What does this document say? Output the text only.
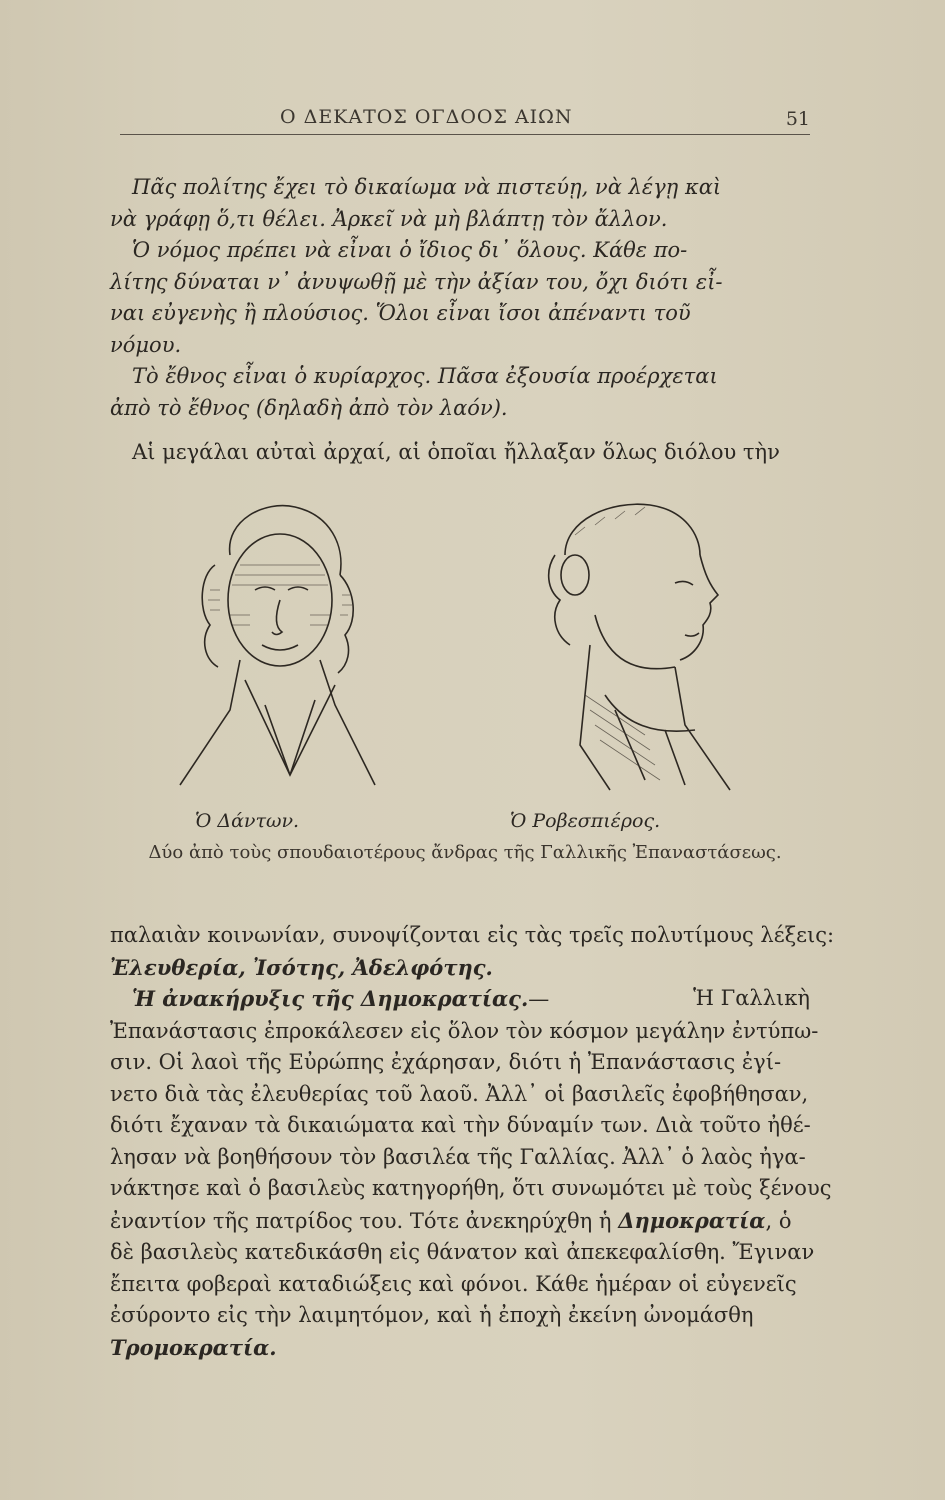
Ο ΔΕΚΑΤΟΣ ΟΓΔΟΟΣ ΑΙΩΝ	51
Πᾶς πολίτης ἔχει τὸ δικαίωμα νὰ πιστεύῃ, νὰ λέγῃ καὶ
νὰ γράφῃ ὅ,τι θέλει. Ἀρκεῖ νὰ μὴ βλάπτῃ τὸν ἄλλον.
Ὁ νόμος πρέπει νὰ εἶναι ὁ ἴδιος δι᾿ ὅλους. Κάθε πο-
λίτης δύναται ν᾿ ἀνυψωθῇ μὲ τὴν ἀξίαν του, ὄχι διότι εἶ-
ναι εὐγενὴς ἢ πλούσιος. Ὅλοι εἶναι ἴσοι ἀπέναντι τοῦ
νόμου.
Τὸ ἔθνος εἶναι ὁ κυρίαρχος. Πᾶσα ἐξουσία προέρχεται
ἀπὸ τὸ ἔθνος (δηλαδὴ ἀπὸ τὸν λαόν).
Αἱ μεγάλαι αὐταὶ ἀρχαί, αἱ ὁποῖαι ἤλλαξαν ὅλως διόλου τὴν
Ὁ Δάντων.	Ὁ Ροβεσπιέρος.
Δύο ἀπὸ τοὺς σπουδαιοτέρους ἄνδρας τῆς Γαλλικῆς Ἐπαναστάσεως.
παλαιὰν κοινωνίαν, συνοψίζονται εἰς τὰς τρεῖς πολυτίμους λέξεις:
Ἐλευθερία, Ἰσότης, Ἀδελφότης.
Ἡ ἀνακήρυξις τῆς Δημοκρατίας.—	Ἡ Γαλλικὴ
Ἐπανάστασις ἐπροκάλεσεν εἰς ὅλον τὸν κόσμον μεγάλην ἐντύπω-
σιν. Οἱ λαοὶ τῆς Εὐρώπης ἐχάρησαν, διότι ἡ Ἐπανάστασις ἐγί-
νετο διὰ τὰς ἐλευθερίας τοῦ λαοῦ. Ἀλλ᾿ οἱ βασιλεῖς ἐφοβήθησαν,
διότι ἔχαναν τὰ δικαιώματα καὶ τὴν δύναμίν των. Διὰ τοῦτο ἠθέ-
λησαν νὰ βοηθήσουν τὸν βασιλέα τῆς Γαλλίας. Ἀλλ᾿ ὁ λαὸς ἠγα-
νάκτησε καὶ ὁ βασιλεὺς κατηγορήθη, ὅτι συνωμότει μὲ τοὺς ξένους
ἐναντίον τῆς πατρίδος του. Τότε ἀνεκηρύχθη ἡ Δημοκρατία, ὁ
δὲ βασιλεὺς κατεδικάσθη εἰς θάνατον καὶ ἀπεκεφαλίσθη. Ἔγιναν
ἔπειτα φοβεραὶ καταδιώξεις καὶ φόνοι. Κάθε ἡμέραν οἱ εὐγενεῖς
ἐσύροντο εἰς τὴν λαιμητόμον, καὶ ἡ ἐποχὴ ἐκείνη ὠνομάσθη
Τρομοκρατία.
